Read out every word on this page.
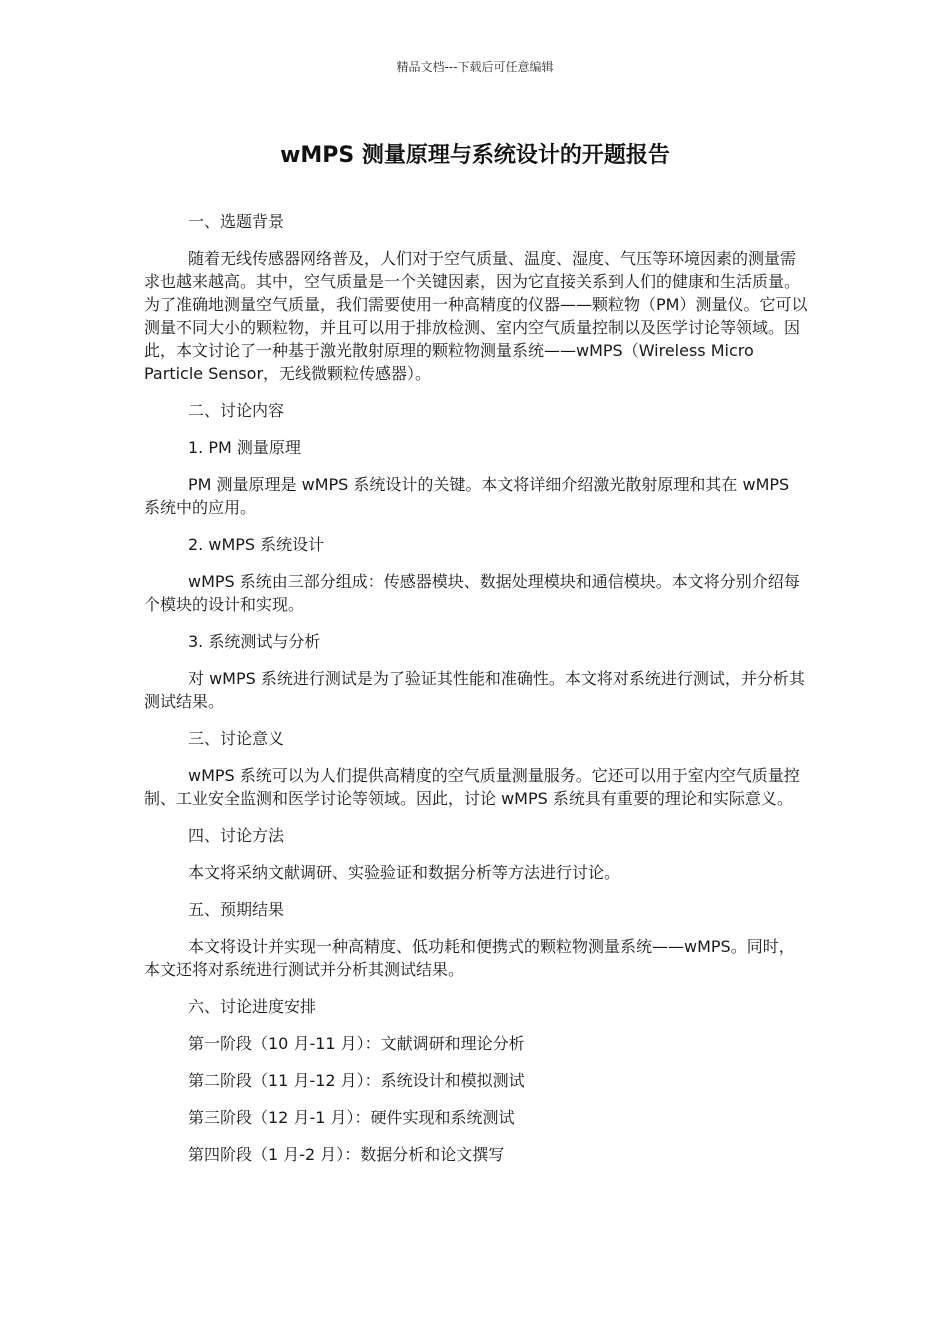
精品文档---下载后可任意编辑
wMPS 测量原理与系统设计的开题报告

一、选题背景

随着无线传感器网络普及，人们对于空气质量、温度、湿度、气压等环境因素的测量需求也越来越高。其中，空气质量是一个关键因素，因为它直接关系到人们的健康和生活质量。为了准确地测量空气质量，我们需要使用一种高精度的仪器——颗粒物（PM）测量仪。它可以测量不同大小的颗粒物，并且可以用于排放检测、室内空气质量控制以及医学讨论等领域。因此，本文讨论了一种基于激光散射原理的颗粒物测量系统——wMPS（Wireless Micro Particle Sensor，无线微颗粒传感器）。

二、讨论内容

1. PM 测量原理

PM 测量原理是 wMPS 系统设计的关键。本文将详细介绍激光散射原理和其在 wMPS 系统中的应用。

2. wMPS 系统设计

wMPS 系统由三部分组成：传感器模块、数据处理模块和通信模块。本文将分别介绍每个模块的设计和实现。

3. 系统测试与分析

对 wMPS 系统进行测试是为了验证其性能和准确性。本文将对系统进行测试，并分析其测试结果。

三、讨论意义

wMPS 系统可以为人们提供高精度的空气质量测量服务。它还可以用于室内空气质量控制、工业安全监测和医学讨论等领域。因此，讨论 wMPS 系统具有重要的理论和实际意义。

四、讨论方法

本文将采纳文献调研、实验验证和数据分析等方法进行讨论。

五、预期结果

本文将设计并实现一种高精度、低功耗和便携式的颗粒物测量系统——wMPS。同时，本文还将对系统进行测试并分析其测试结果。

六、讨论进度安排

第一阶段（10 月-11 月）：文献调研和理论分析

第二阶段（11 月-12 月）：系统设计和模拟测试

第三阶段（12 月-1 月）：硬件实现和系统测试

第四阶段（1 月-2 月）：数据分析和论文撰写
